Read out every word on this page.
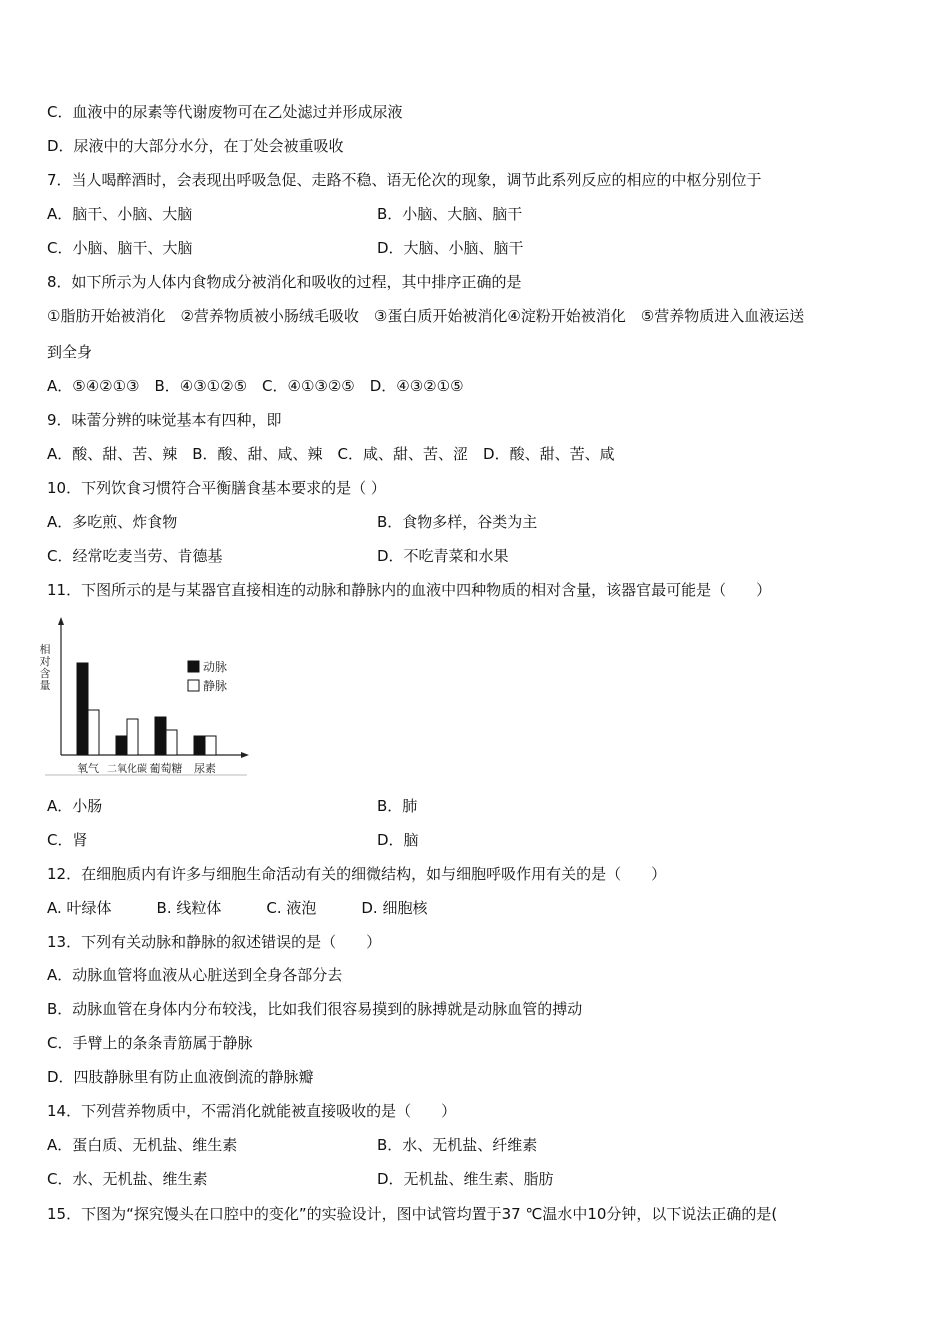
C．血液中的尿素等代谢废物可在乙处滤过并形成尿液
D．尿液中的大部分水分，在丁处会被重吸收
7．当人喝醉酒时，会表现出呼吸急促、走路不稳、语无伦次的现象，调节此系列反应的相应的中枢分别位于
A．脑干、小脑、大脑	B．小脑、大脑、脑干
C．小脑、脑干、大脑	D．大脑、小脑、脑干
8．如下所示为人体内食物成分被消化和吸收的过程，其中排序正确的是
①脂肪开始被消化　②营养物质被小肠绒毛吸收　③蛋白质开始被消化④淀粉开始被消化　⑤营养物质进入血液运送
到全身
A．⑤④②①③　B．④③①②⑤　C．④①③②⑤　D．④③②①⑤
9．味蕾分辨的味觉基本有四种，即
A．酸、甜、苦、辣　B．酸、甜、咸、辣　C．咸、甜、苦、涩　D．酸、甜、苦、咸
10．下列饮食习惯符合平衡膳食基本要求的是（ ）
A．多吃煎、炸食物	B．食物多样，谷类为主
C．经常吃麦当劳、肯德基	D．不吃青菜和水果
11．下图所示的是与某器官直接相连的动脉和静脉内的血液中四种物质的相对含量，该器官最可能是（　　）
相
对
含
量
氧气 二氧化碳 葡萄糖 尿素
动脉
静脉
A．小肠	B．肺
C．肾	D．脑
12．在细胞质内有许多与细胞生命活动有关的细微结构，如与细胞呼吸作用有关的是（　　）
A. 叶绿体　　　B. 线粒体　　　C. 液泡　　　D. 细胞核
13．下列有关动脉和静脉的叙述错误的是（　　）
A．动脉血管将血液从心脏送到全身各部分去
B．动脉血管在身体内分布较浅，比如我们很容易摸到的脉搏就是动脉血管的搏动
C．手臂上的条条青筋属于静脉
D．四肢静脉里有防止血液倒流的静脉瓣
14．下列营养物质中，不需消化就能被直接吸收的是（　　）
A．蛋白质、无机盐、维生素	B．水、无机盐、纤维素
C．水、无机盐、维生素	D．无机盐、维生素、脂肪
15．下图为“探究馒头在口腔中的变化”的实验设计，图中试管均置于37 ℃温水中10分钟，以下说法正确的是(
